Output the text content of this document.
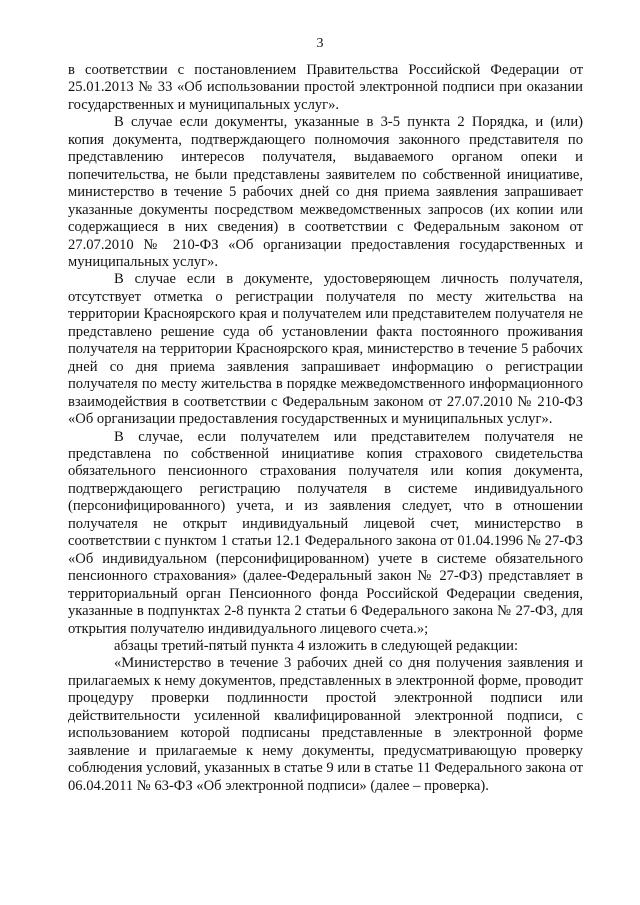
3

в соответствии с постановлением Правительства Российской Федерации от 25.01.2013 № 33 «Об использовании простой электронной подписи при оказании государственных и муниципальных услуг».

В случае если документы, указанные в 3-5 пункта 2 Порядка, и (или) копия документа, подтверждающего полномочия законного представителя по представлению интересов получателя, выдаваемого органом опеки и попечительства, не были представлены заявителем по собственной инициативе, министерство в течение 5 рабочих дней со дня приема заявления запрашивает указанные документы посредством межведомственных запросов (их копии или содержащиеся в них сведения) в соответствии с Федеральным законом от 27.07.2010 № 210-ФЗ «Об организации предоставления государственных и муниципальных услуг».

В случае если в документе, удостоверяющем личность получателя, отсутствует отметка о регистрации получателя по месту жительства на территории Красноярского края и получателем или представителем получателя не представлено решение суда об установлении факта постоянного проживания получателя на территории Красноярского края, министерство в течение 5 рабочих дней со дня приема заявления запрашивает информацию о регистрации получателя по месту жительства в порядке межведомственного информационного взаимодействия в соответствии с Федеральным законом от 27.07.2010 № 210-ФЗ «Об организации предоставления государственных и муниципальных услуг».

В случае, если получателем или представителем получателя не представлена по собственной инициативе копия страхового свидетельства обязательного пенсионного страхования получателя или копия документа, подтверждающего регистрацию получателя в системе индивидуального (персонифицированного) учета, и из заявления следует, что в отношении получателя не открыт индивидуальный лицевой счет, министерство в соответствии с пунктом 1 статьи 12.1 Федерального закона от 01.04.1996 № 27-ФЗ «Об индивидуальном (персонифицированном) учете в системе обязательного пенсионного страхования» (далее-Федеральный закон № 27-ФЗ) представляет в территориальный орган Пенсионного фонда Российской Федерации сведения, указанные в подпунктах 2-8 пункта 2 статьи 6 Федерального закона № 27-ФЗ, для открытия получателю индивидуального лицевого счета.»;

абзацы третий-пятый пункта 4 изложить в следующей редакции:

«Министерство в течение 3 рабочих дней со дня получения заявления и прилагаемых к нему документов, представленных в электронной форме, проводит процедуру проверки подлинности простой электронной подписи или действительности усиленной квалифицированной электронной подписи, с использованием которой подписаны представленные в электронной форме заявление и прилагаемые к нему документы, предусматривающую проверку соблюдения условий, указанных в статье 9 или в статье 11 Федерального закона от 06.04.2011 № 63-ФЗ «Об электронной подписи» (далее – проверка).
